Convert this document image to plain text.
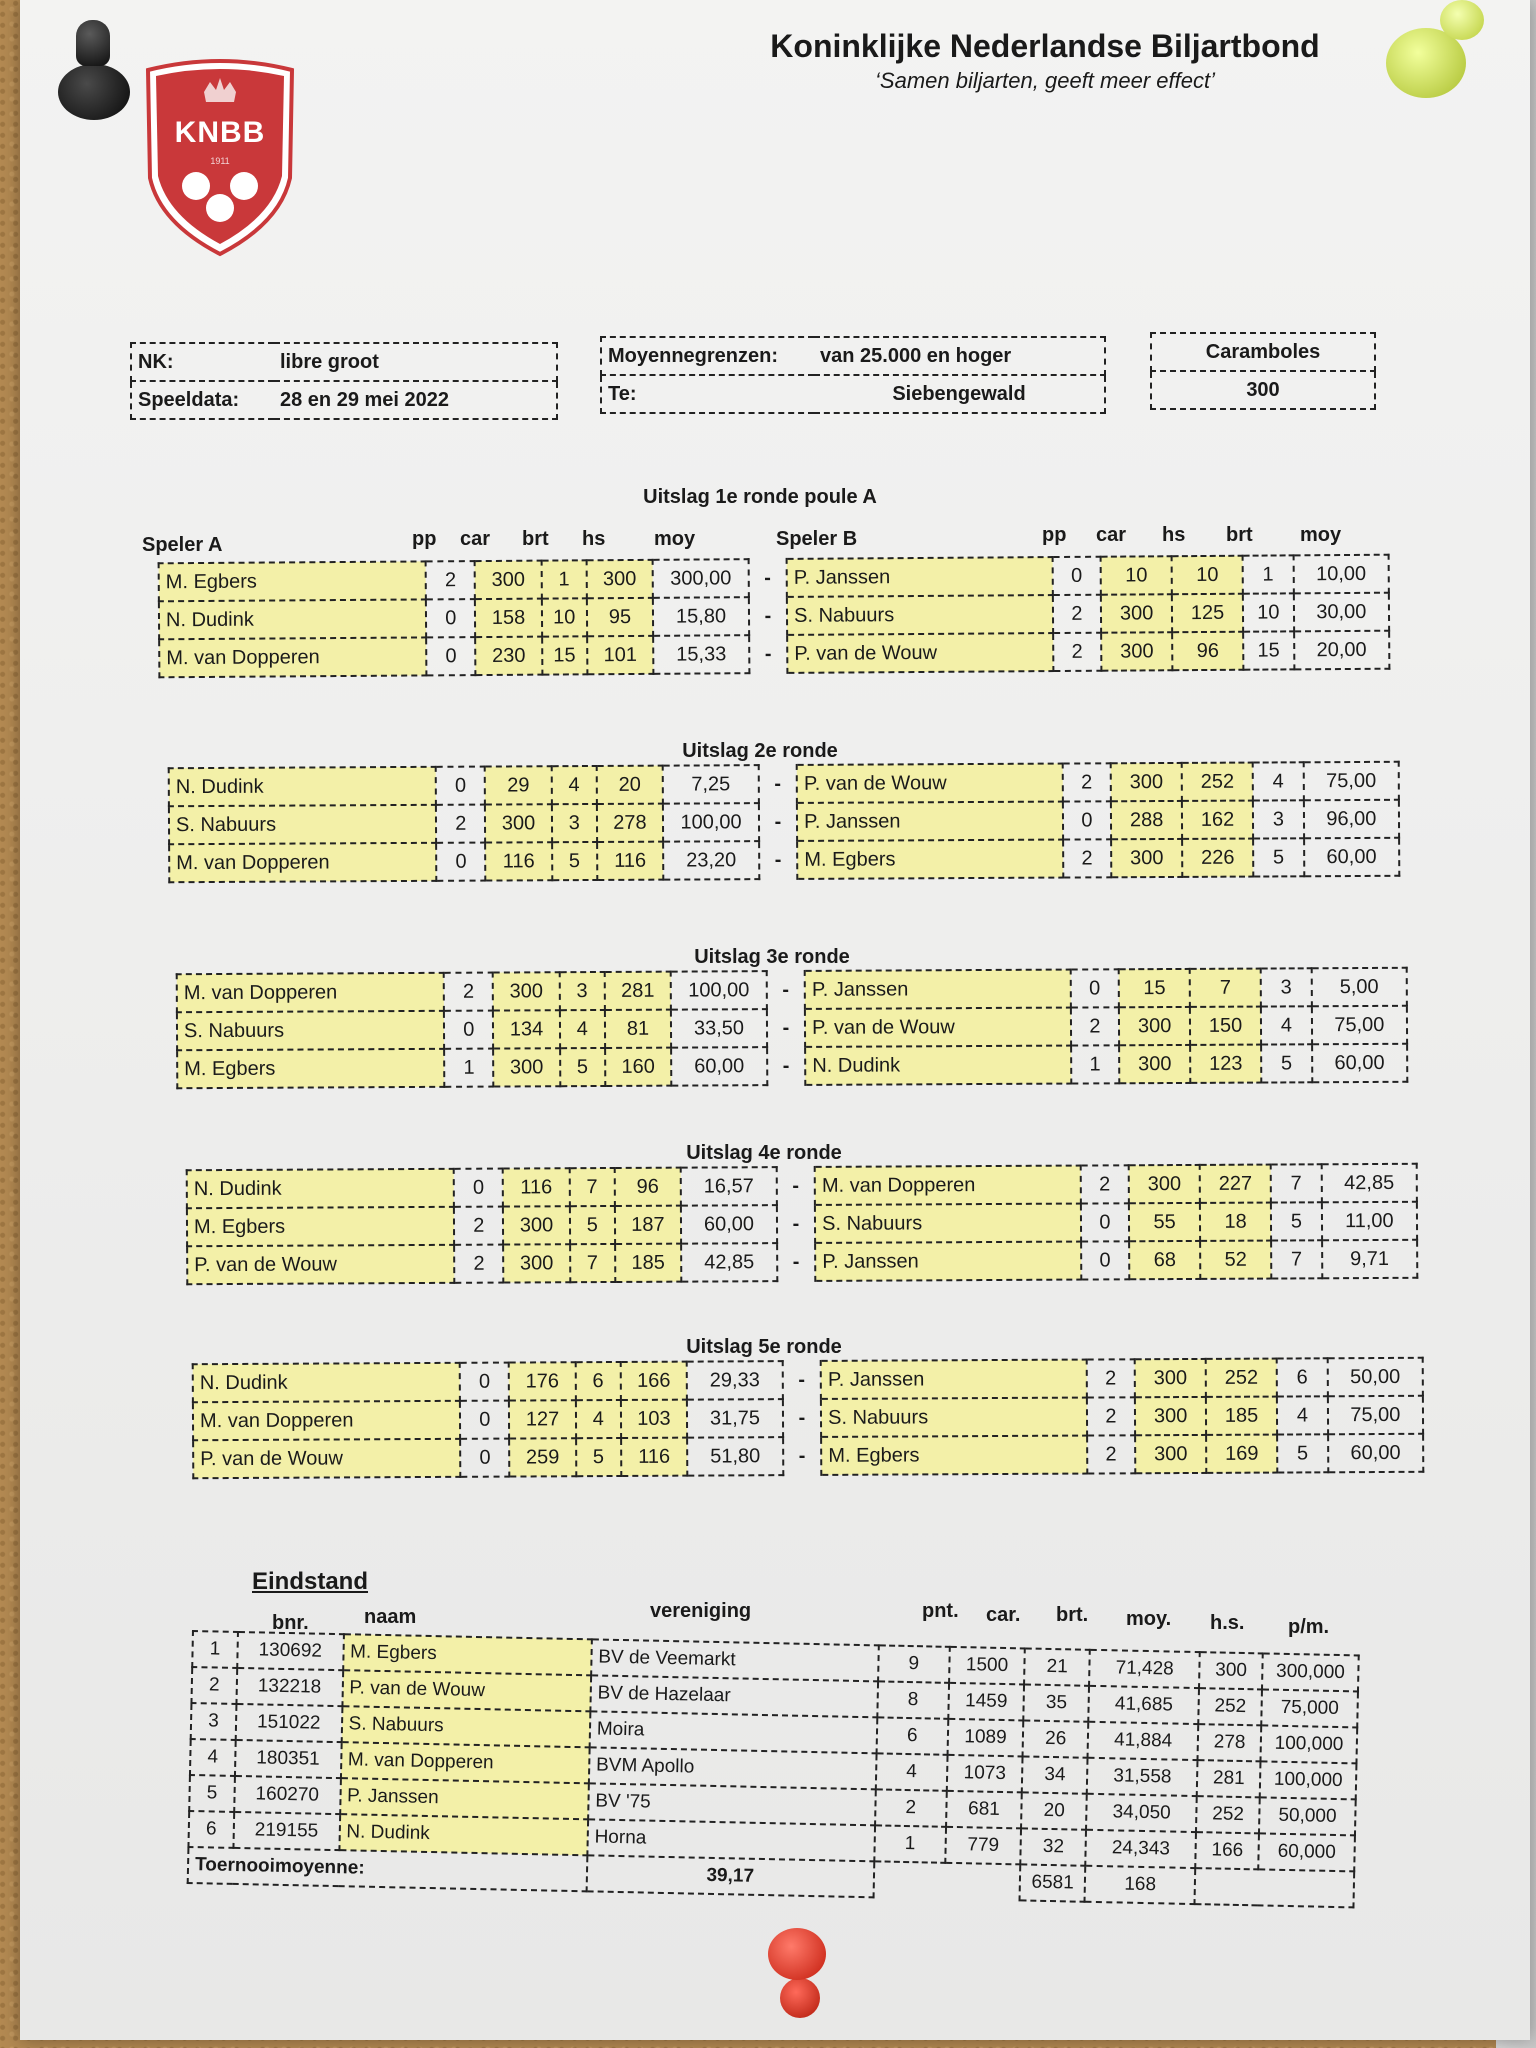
KNBB
1911
Koninklijke Nederlandse Biljartbond
‘Samen biljarten, geeft meer effect’
NK:	libre groot
Speeldata:	28 en 29 mei 2022
Moyennegrenzen:	van 25.000 en hoger
Te:	Siebengewald
Caramboles
300
Speler A	pp car brt hs moy	Speler B	pp car hs brt moy
Uitslag 1e ronde poule A
M. Egbers	2	300	1	300	300,00	-	P. Janssen	0	10	10	1	10,00
N. Dudink	0	158	10	95	15,80	-	S. Nabuurs	2	300	125	10	30,00
M. van Dopperen	0	230	15	101	15,33	-	P. van de Wouw	2	300	96	15	20,00
Uitslag 2e ronde
N. Dudink	0	29	4	20	7,25	-	P. van de Wouw	2	300	252	4	75,00
S. Nabuurs	2	300	3	278	100,00	-	P. Janssen	0	288	162	3	96,00
M. van Dopperen	0	116	5	116	23,20	-	M. Egbers	2	300	226	5	60,00
Uitslag 3e ronde
M. van Dopperen	2	300	3	281	100,00	-	P. Janssen	0	15	7	3	5,00
S. Nabuurs	0	134	4	81	33,50	-	P. van de Wouw	2	300	150	4	75,00
M. Egbers	1	300	5	160	60,00	-	N. Dudink	1	300	123	5	60,00
Uitslag 4e ronde
N. Dudink	0	116	7	96	16,57	-	M. van Dopperen	2	300	227	7	42,85
M. Egbers	2	300	5	187	60,00	-	S. Nabuurs	0	55	18	5	11,00
P. van de Wouw	2	300	7	185	42,85	-	P. Janssen	0	68	52	7	9,71
Uitslag 5e ronde
N. Dudink	0	176	6	166	29,33	-	P. Janssen	2	300	252	6	50,00
M. van Dopperen	0	127	4	103	31,75	-	S. Nabuurs	2	300	185	4	75,00
P. van de Wouw	0	259	5	116	51,80	-	M. Egbers	2	300	169	5	60,00
Eindstand
bnr.	naam	vereniging	pnt. car. brt. moy. h.s. p/m.
1	130692	M. Egbers	BV de Veemarkt	9	1500	21	71,428	300	300,000
2	132218	P. van de Wouw	BV de Hazelaar	8	1459	35	41,685	252	75,000
3	151022	S. Nabuurs	Moira	6	1089	26	41,884	278	100,000
4	180351	M. van Dopperen	BVM Apollo	4	1073	34	31,558	281	100,000
5	160270	P. Janssen	BV '75	2	681	20	34,050	252	50,000
6	219155	N. Dudink	Horna	1	779	32	24,343	166	60,000
Toernooimoyenne:			39,17			6581	168		
